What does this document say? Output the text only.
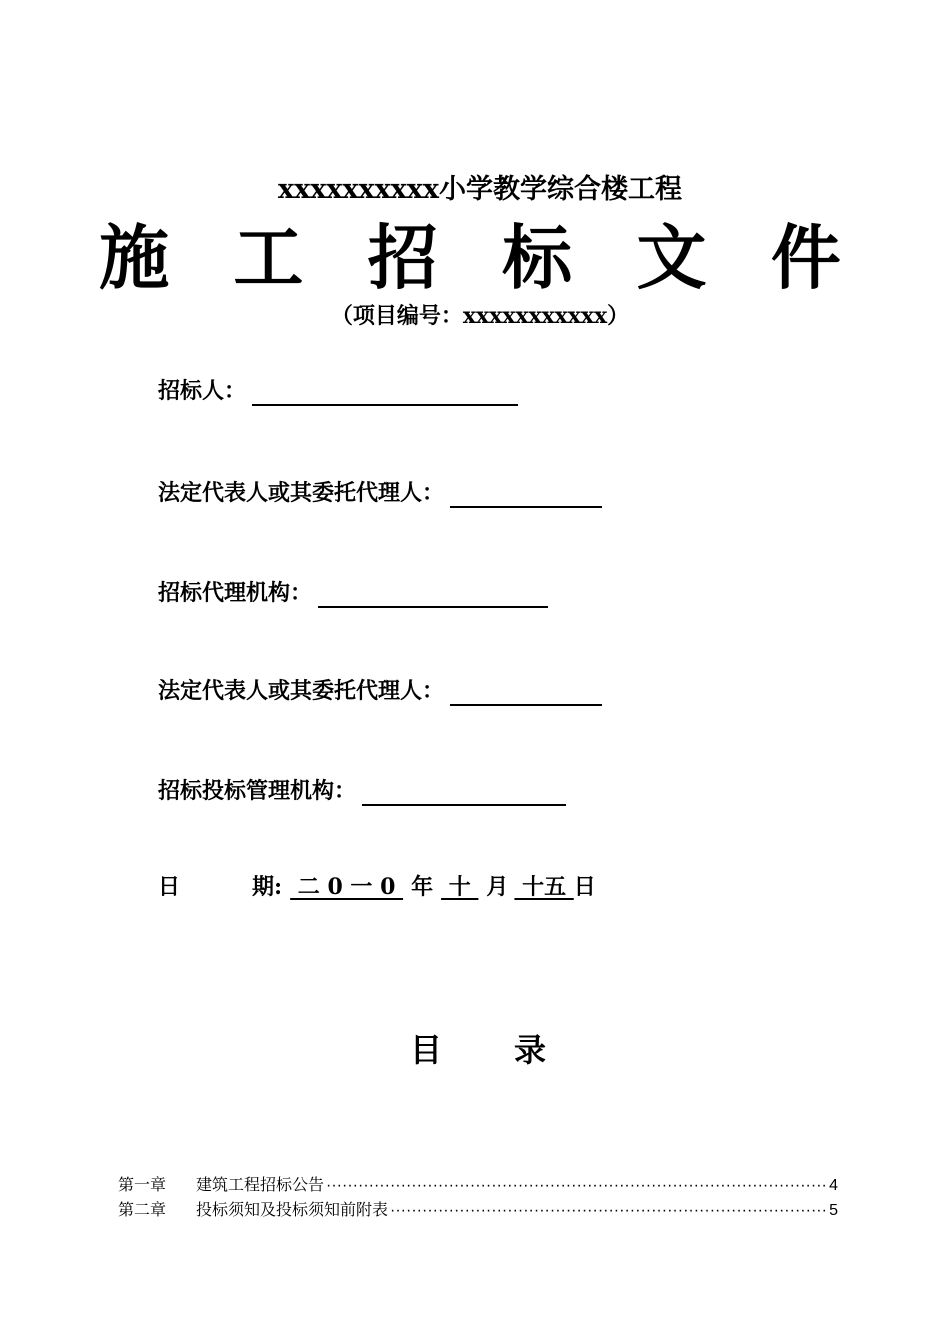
xxxxxxxxxx小学教学综合楼工程
施 工 招 标 文 件
（项目编号：xxxxxxxxxxx）
招标人：
法定代表人或其委托代理人：
招标代理机构：
法定代表人或其委托代理人：
招标投标管理机构：
日	期: 二 0 一 0 年 十 月 十五 日
目 录
第一章	建筑工程招标公告 ·····	4
第二章	投标须知及投标须知前附表 ·····	5
